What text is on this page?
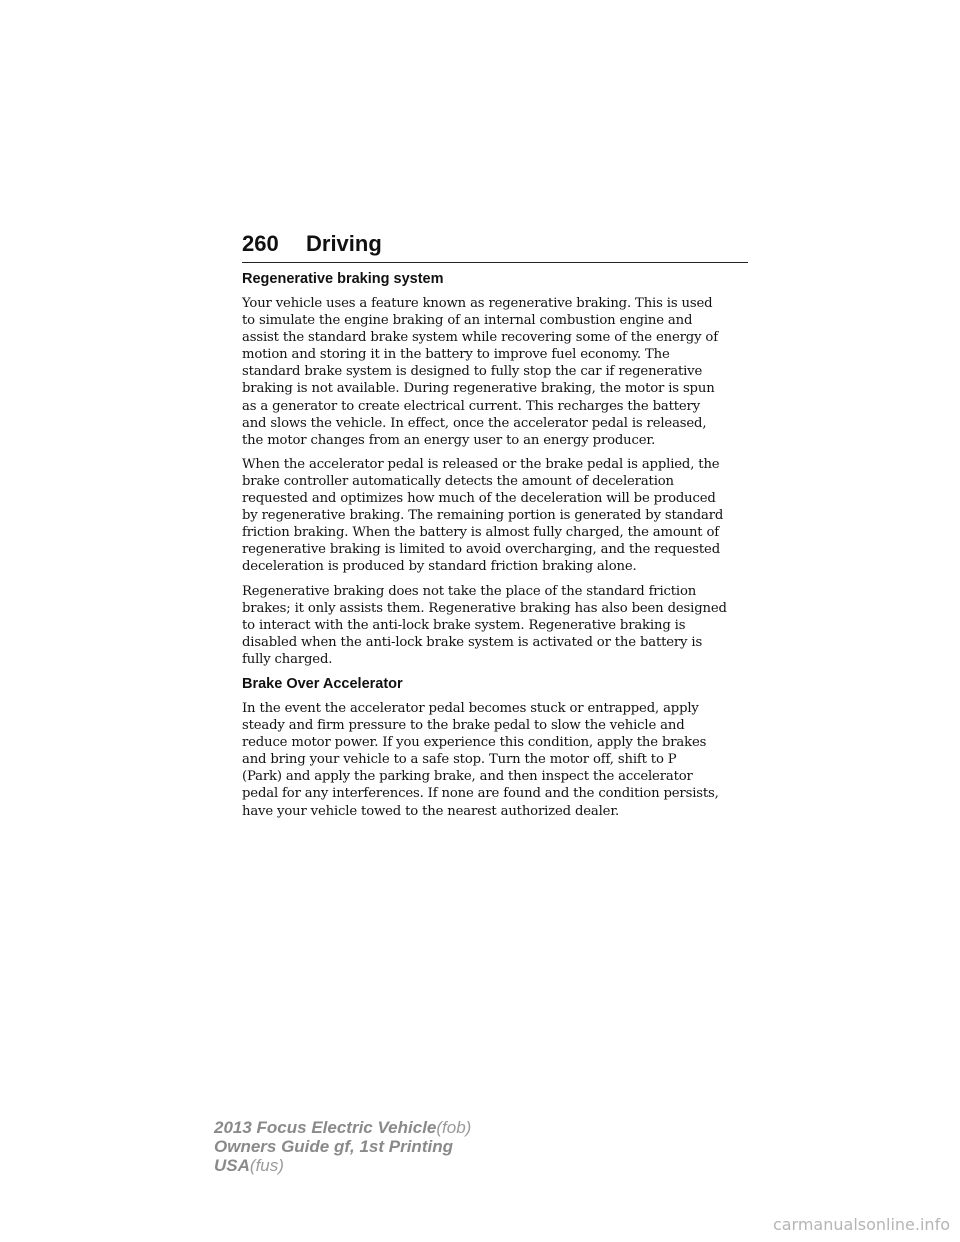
260 Driving
Regenerative braking system
Your vehicle uses a feature known as regenerative braking. This is used
to simulate the engine braking of an internal combustion engine and
assist the standard brake system while recovering some of the energy of
motion and storing it in the battery to improve fuel economy. The
standard brake system is designed to fully stop the car if regenerative
braking is not available. During regenerative braking, the motor is spun
as a generator to create electrical current. This recharges the battery
and slows the vehicle. In effect, once the accelerator pedal is released,
the motor changes from an energy user to an energy producer.
When the accelerator pedal is released or the brake pedal is applied, the
brake controller automatically detects the amount of deceleration
requested and optimizes how much of the deceleration will be produced
by regenerative braking. The remaining portion is generated by standard
friction braking. When the battery is almost fully charged, the amount of
regenerative braking is limited to avoid overcharging, and the requested
deceleration is produced by standard friction braking alone.
Regenerative braking does not take the place of the standard friction
brakes; it only assists them. Regenerative braking has also been designed
to interact with the anti-lock brake system. Regenerative braking is
disabled when the anti-lock brake system is activated or the battery is
fully charged.
Brake Over Accelerator
In the event the accelerator pedal becomes stuck or entrapped, apply
steady and firm pressure to the brake pedal to slow the vehicle and
reduce motor power. If you experience this condition, apply the brakes
and bring your vehicle to a safe stop. Turn the motor off, shift to P
(Park) and apply the parking brake, and then inspect the accelerator
pedal for any interferences. If none are found and the condition persists,
have your vehicle towed to the nearest authorized dealer.
2013 Focus Electric Vehicle(fob)
Owners Guide gf, 1st Printing
USA(fus)
carmanualsonline.info
